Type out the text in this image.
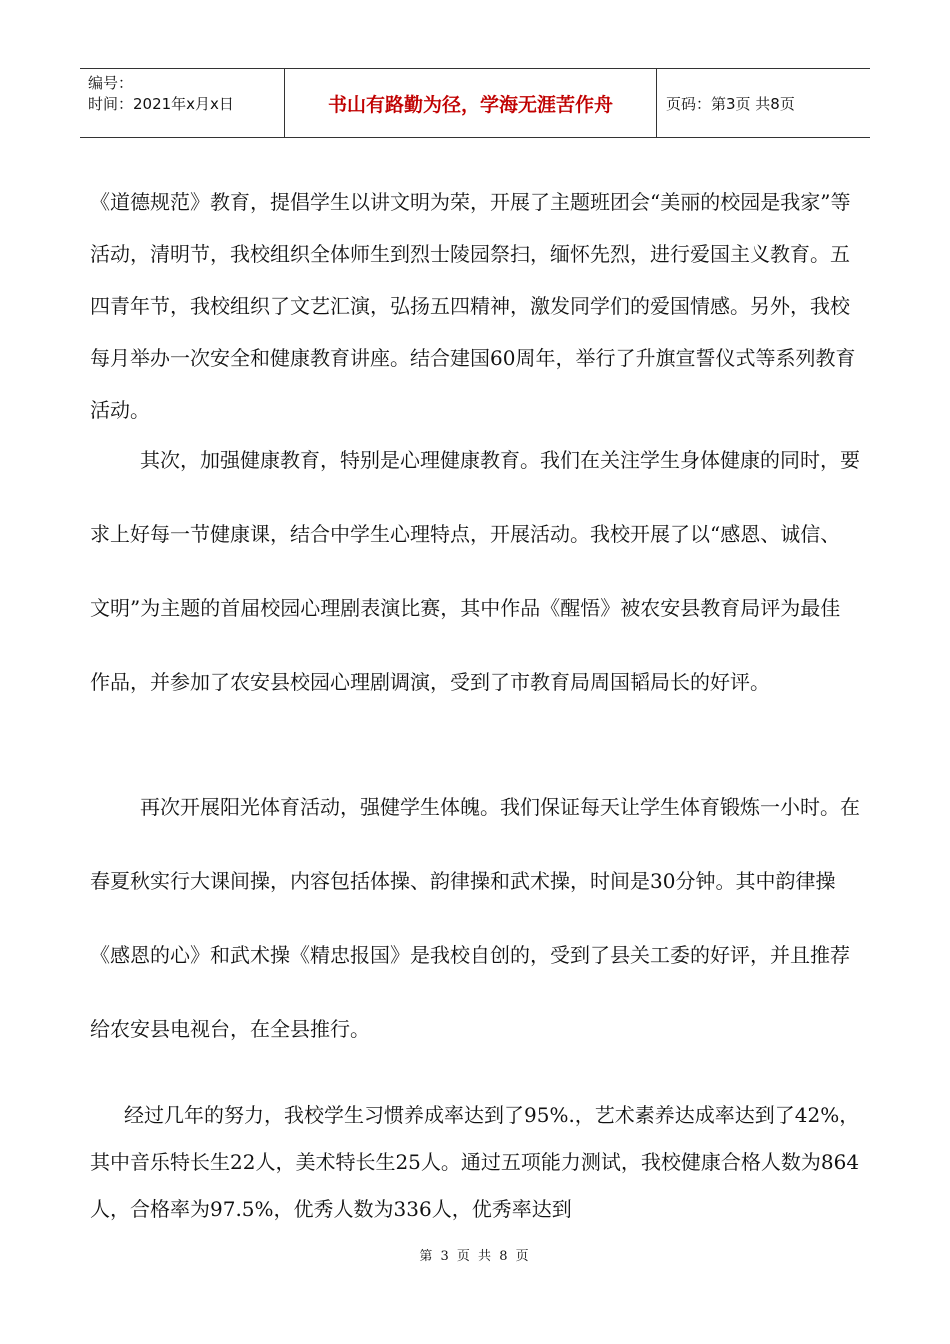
编号：
时间：2021年x月x日	书山有路勤为径，学海无涯苦作舟	页码：第3页 共8页

《道德规范》教育，提倡学生以讲文明为荣，开展了主题班团会“美丽的校园是我家”等活动，清明节，我校组织全体师生到烈士陵园祭扫，缅怀先烈，进行爱国主义教育。五四青年节，我校组织了文艺汇演，弘扬五四精神，激发同学们的爱国情感。另外，我校每月举办一次安全和健康教育讲座。结合建国60周年，举行了升旗宣誓仪式等系列教育活动。

其次，加强健康教育，特别是心理健康教育。我们在关注学生身体健康的同时，要求上好每一节健康课，结合中学生心理特点，开展活动。我校开展了以“感恩、诚信、文明”为主题的首届校园心理剧表演比赛，其中作品《醒悟》被农安县教育局评为最佳作品，并参加了农安县校园心理剧调演，受到了市教育局周国韬局长的好评。

再次开展阳光体育活动，强健学生体魄。我们保证每天让学生体育锻炼一小时。在春夏秋实行大课间操，内容包括体操、韵律操和武术操，时间是30分钟。其中韵律操《感恩的心》和武术操《精忠报国》是我校自创的，受到了县关工委的好评，并且推荐给农安县电视台，在全县推行。

经过几年的努力，我校学生习惯养成率达到了95%.，艺术素养达成率达到了42%，其中音乐特长生22人，美术特长生25人。通过五项能力测试，我校健康合格人数为864人，合格率为97.5%，优秀人数为336人，优秀率达到

第 3 页 共 8 页
